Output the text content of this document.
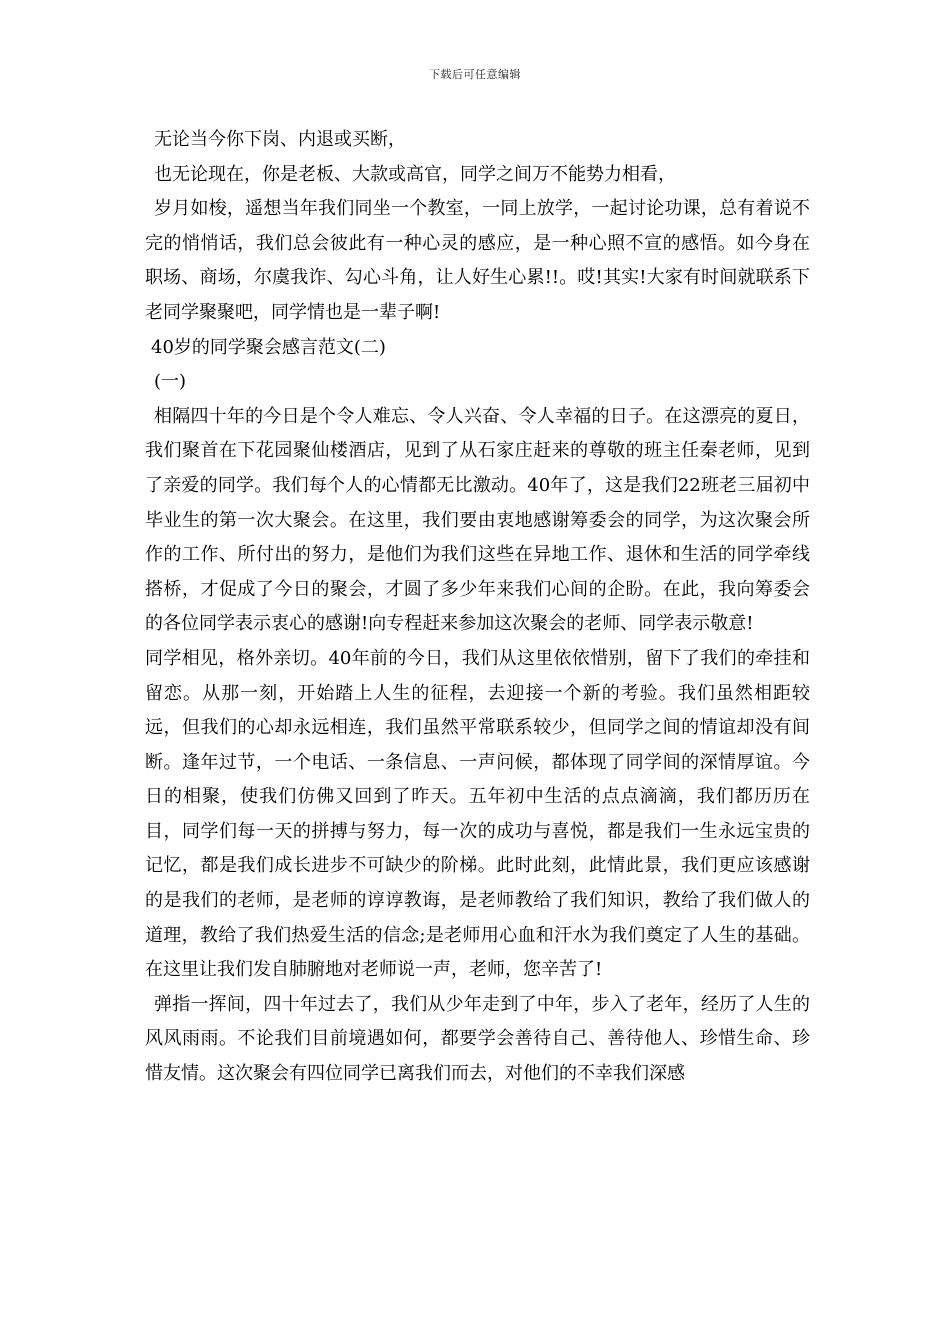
下载后可任意编辑

无论当今你下岗、内退或买断，

也无论现在，你是老板、大款或高官，同学之间万不能势力相看，

岁月如梭，遥想当年我们同坐一个教室，一同上放学，一起讨论功课，总有着说不完的悄悄话，我们总会彼此有一种心灵的感应，是一种心照不宣的感悟。如今身在职场、商场，尔虞我诈、勾心斗角，让人好生心累!!。哎!其实!大家有时间就联系下老同学聚聚吧，同学情也是一辈子啊!

40岁的同学聚会感言范文(二)

(一)

相隔四十年的今日是个令人难忘、令人兴奋、令人幸福的日子。在这漂亮的夏日，我们聚首在下花园聚仙楼酒店，见到了从石家庄赶来的尊敬的班主任秦老师，见到了亲爱的同学。我们每个人的心情都无比激动。40年了，这是我们22班老三届初中毕业生的第一次大聚会。在这里，我们要由衷地感谢筹委会的同学，为这次聚会所作的工作、所付出的努力，是他们为我们这些在异地工作、退休和生活的同学牵线搭桥，才促成了今日的聚会，才圆了多少年来我们心间的企盼。在此，我向筹委会的各位同学表示衷心的感谢!向专程赶来参加这次聚会的老师、同学表示敬意!

同学相见，格外亲切。40年前的今日，我们从这里依依惜别，留下了我们的牵挂和留恋。从那一刻，开始踏上人生的征程，去迎接一个新的考验。我们虽然相距较远，但我们的心却永远相连，我们虽然平常联系较少，但同学之间的情谊却没有间断。逢年过节，一个电话、一条信息、一声问候，都体现了同学间的深情厚谊。今日的相聚，使我们仿佛又回到了昨天。五年初中生活的点点滴滴，我们都历历在目，同学们每一天的拼搏与努力，每一次的成功与喜悦，都是我们一生永远宝贵的记忆，都是我们成长进步不可缺少的阶梯。此时此刻，此情此景，我们更应该感谢的是我们的老师，是老师的谆谆教诲，是老师教给了我们知识，教给了我们做人的道理，教给了我们热爱生活的信念;是老师用心血和汗水为我们奠定了人生的基础。在这里让我们发自肺腑地对老师说一声，老师，您辛苦了!

弹指一挥间，四十年过去了，我们从少年走到了中年，步入了老年，经历了人生的风风雨雨。不论我们目前境遇如何，都要学会善待自己、善待他人、珍惜生命、珍惜友情。这次聚会有四位同学已离我们而去，对他们的不幸我们深感
